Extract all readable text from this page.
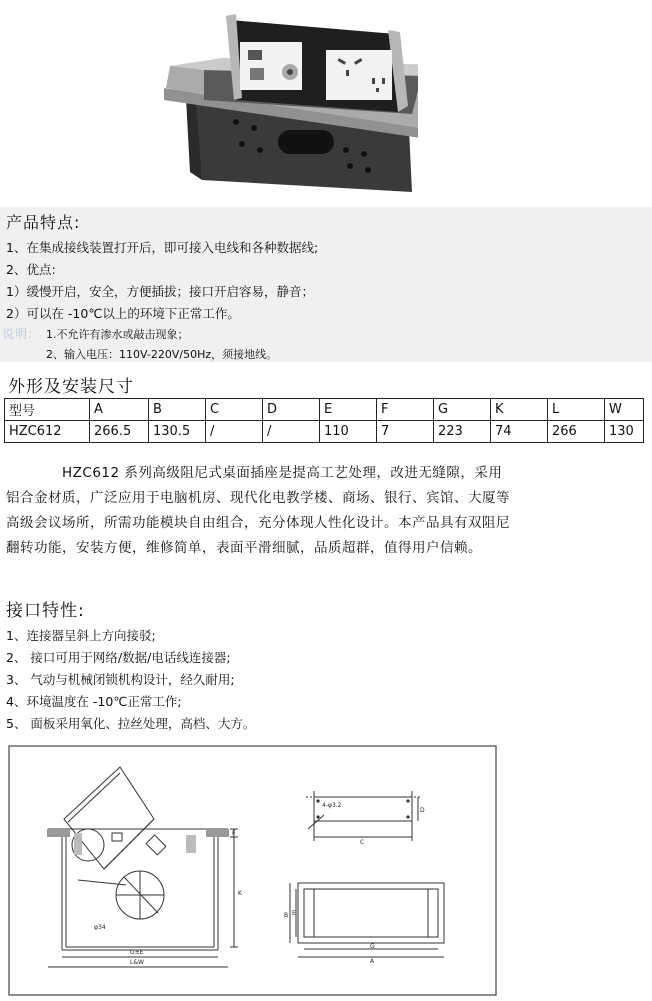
产品特点:
1、在集成接线装置打开后，即可接入电线和各种数据线;
2、优点:
1）缓慢开启，安全，方便插拔；接口开启容易，静音；
2）可以在 -10℃以上的环境下正常工作。
说明: 1.不允许有渗水或敲击现象；
2、输入电压：110V-220V/50Hz，须接地线。
外形及安装尺寸
型号	A	B	C	D	E	F	G	K	L	W
HZC612	266.5	130.5	/	/	110	7	223	74	266	130
HZC612 系列高级阻尼式桌面插座是提高工艺处理，改进无缝隙，采用铝合金材质，广泛应用于电脑机房、现代化电教学楼、商场、银行、宾馆、大厦等高级会议场所，所需功能模块自由组合，充分体现人性化设计。本产品具有双阻尼翻转功能，安装方便，维修简单，表面平滑细腻，品质超群，值得用户信赖。
接口特性:
1、连接器呈斜上方向接驳;
2、 接口可用于网络/数据/电话线连接器;
3、 气动与机械闭锁机构设计，经久耐用;
4、环境温度在 -10℃正常工作;
5、 面板采用氧化、拉丝处理，高档、大方。
φ34
F
K
G±E
L&W
4-φ3.2
C
D
B E
G
A
